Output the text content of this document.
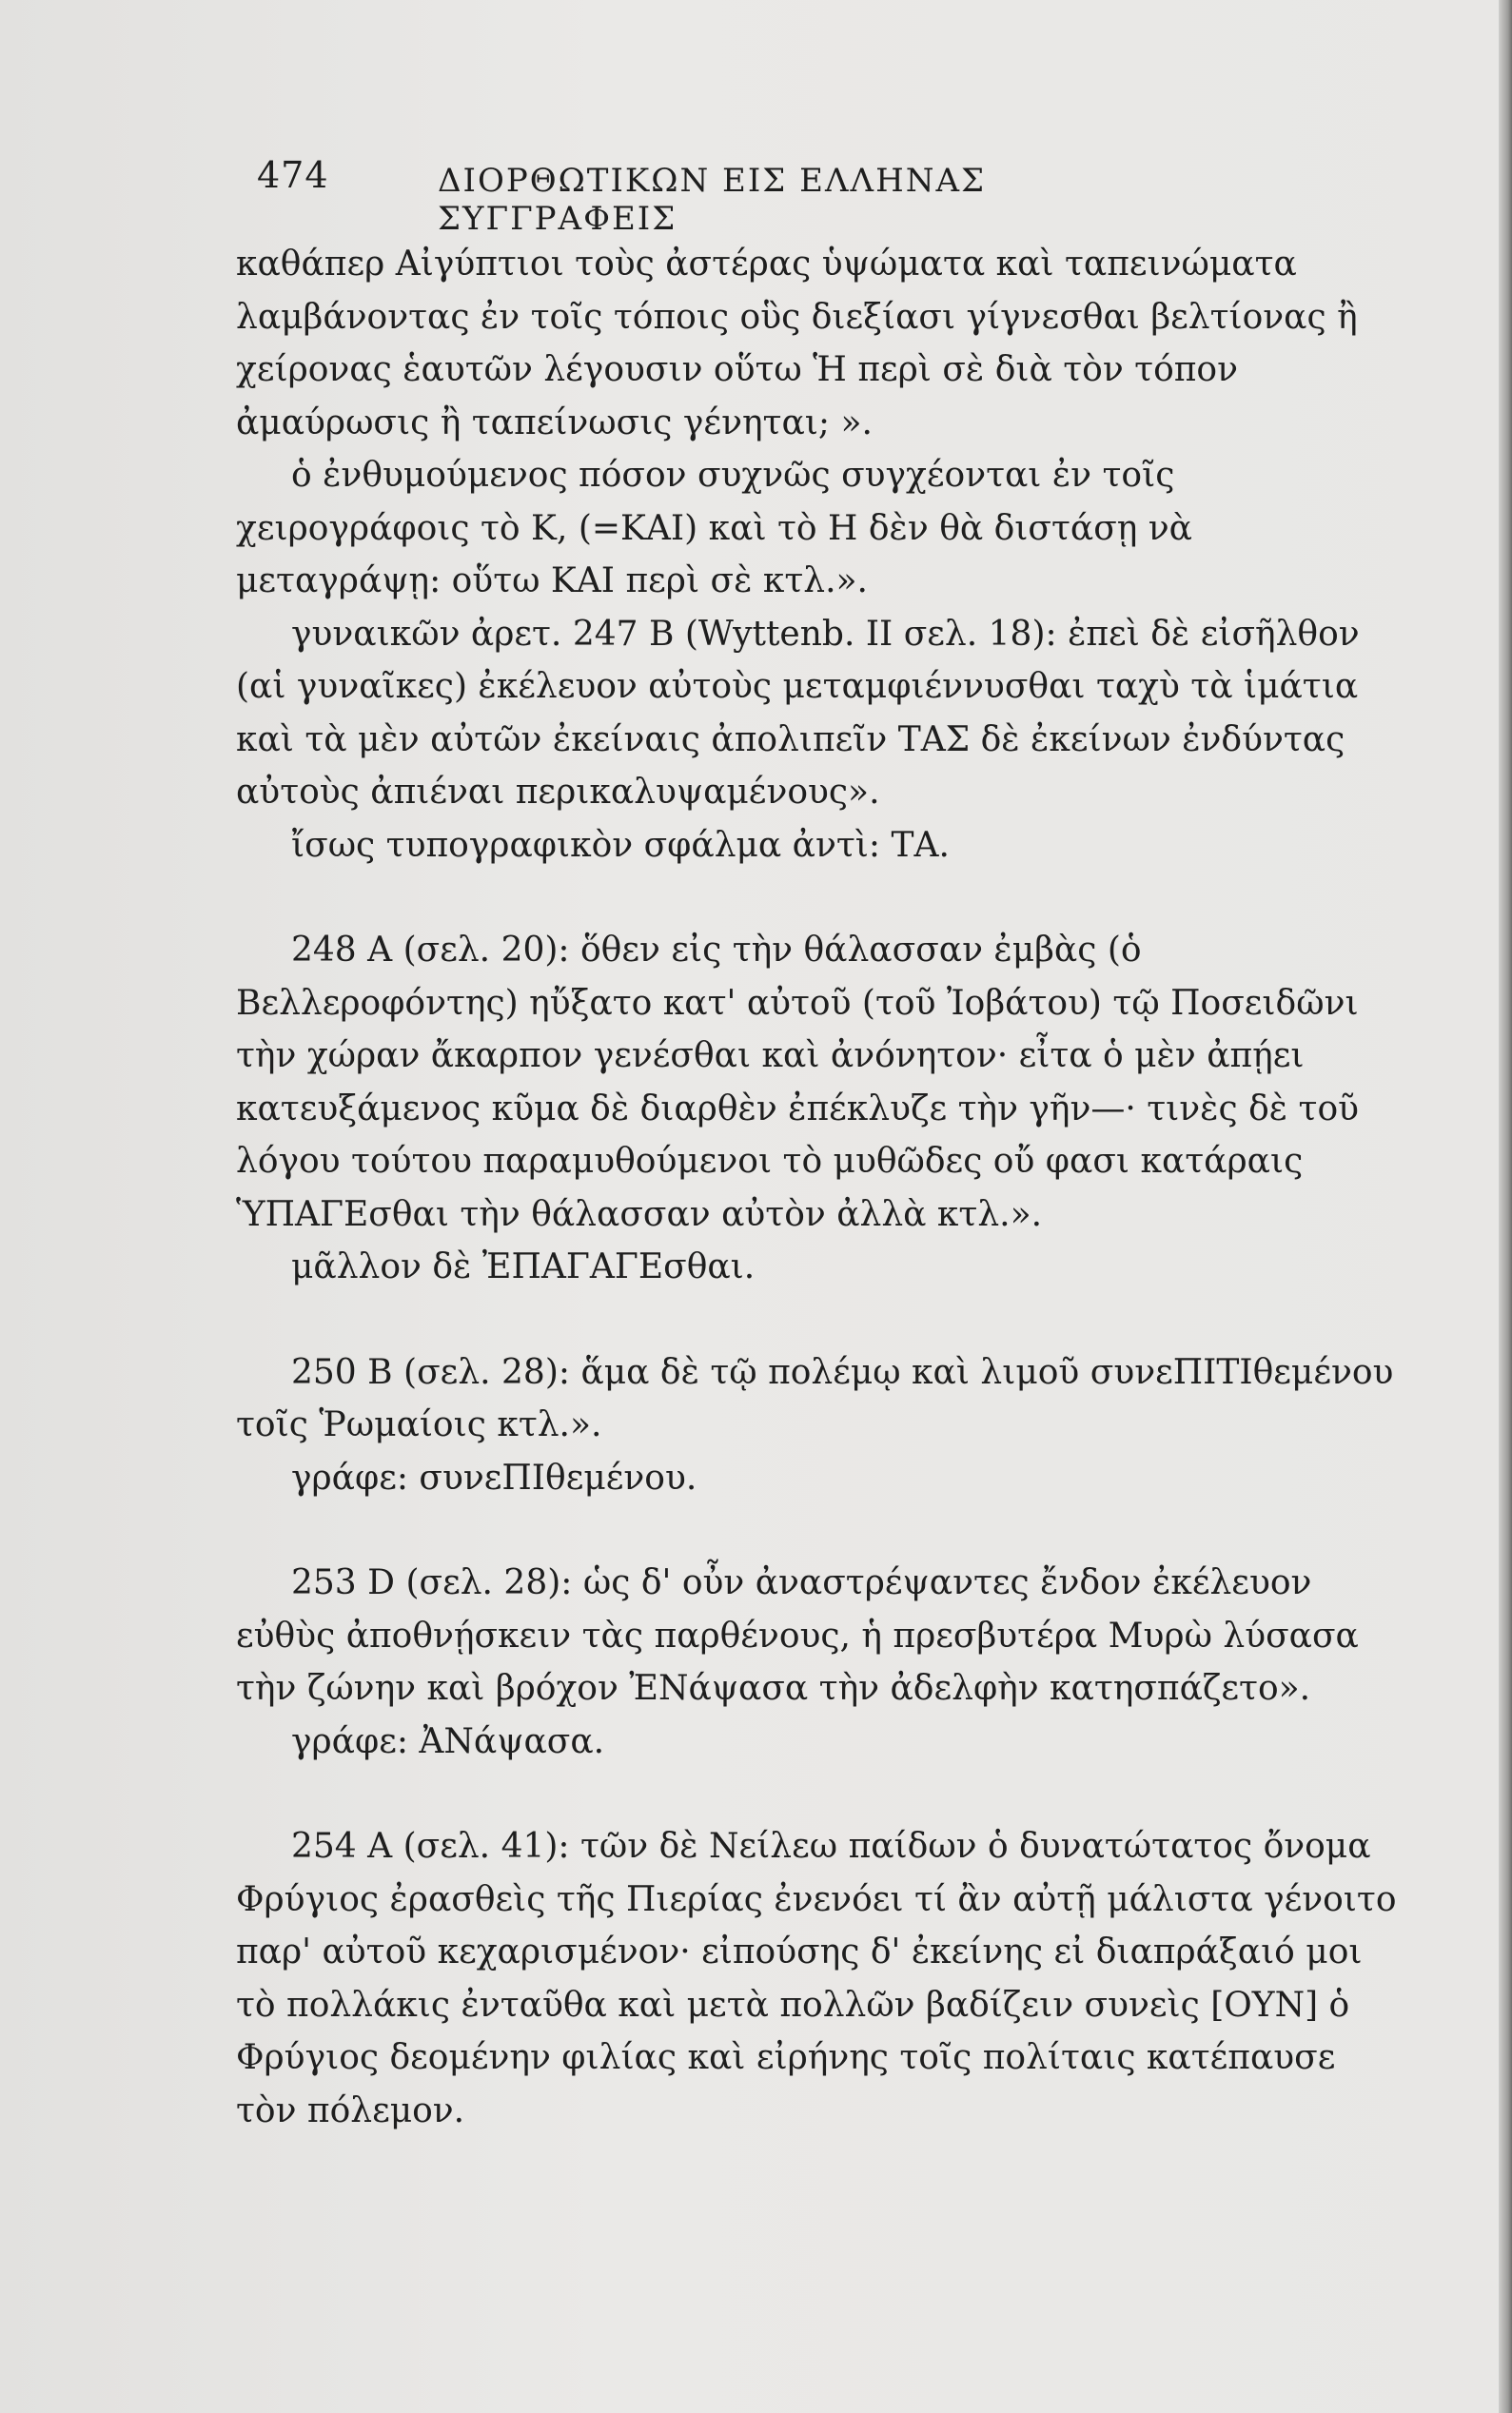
474	ΔΙΟΡΘΩΤΙΚΩΝ ΕΙΣ ΕΛΛΗΝΑΣ ΣΥΓΓΡΑΦΕΙΣ

καθάπερ Αἰγύπτιοι τοὺς ἀστέρας ὑψώματα καὶ ταπεινώματα λαμβάνοντας ἐν τοῖς τόποις οὓς διεξίασι γίγνεσθαι βελτίονας ἢ χείρονας ἑαυτῶν λέγουσιν οὕτω Ἡ περὶ σὲ διὰ τὸν τόπον ἀμαύρωσις ἢ ταπείνωσις γένηται; ».

ὁ ἐνθυμούμενος πόσον συχνῶς συγχέονται ἐν τοῖς χειρογράφοις τὸ Κ, (=ΚΑΙ) καὶ τὸ Η δὲν θὰ διστάσῃ νὰ μεταγράψῃ: οὕτω ΚΑΙ περὶ σὲ κτλ.».

γυναικῶν ἀρετ. 247 Β (Wyttenb. II σελ. 18): ἐπεὶ δὲ εἰσῆλθον (αἱ γυναῖκες) ἐκέλευον αὐτοὺς μεταμφιέννυσθαι ταχὺ τὰ ἱμάτια καὶ τὰ μὲν αὐτῶν ἐκείναις ἀπολιπεῖν ΤΑΣ δὲ ἐκείνων ἐνδύντας αὐτοὺς ἀπιέναι περικαλυψαμένους».

ἴσως τυπογραφικὸν σφάλμα ἀντὶ: ΤΑ.

248 Α (σελ. 20): ὅθεν εἰς τὴν θάλασσαν ἐμβὰς (ὁ Βελλεροφόντης) ηὔξατο κατ' αὐτοῦ (τοῦ Ἰοβάτου) τῷ Ποσειδῶνι τὴν χώραν ἄκαρπον γενέσθαι καὶ ἀνόνητον· εἶτα ὁ μὲν ἀπῄει κατευξάμενος κῦμα δὲ διαρθὲν ἐπέκλυζε τὴν γῆν—· τινὲς δὲ τοῦ λόγου τούτου παραμυθούμενοι τὸ μυθῶδες οὔ φασι κατάραις ὙΠΑΓΕσθαι τὴν θάλασσαν αὐτὸν ἀλλὰ κτλ.».

μᾶλλον δὲ ἘΠΑΓΑΓΕσθαι.

250 Β (σελ. 28): ἅμα δὲ τῷ πολέμῳ καὶ λιμοῦ συνεΠΙΤΙθεμένου τοῖς Ῥωμαίοις κτλ.».

γράφε: συνεΠΙθεμένου.

253 D (σελ. 28): ὡς δ' οὖν ἀναστρέψαντες ἔνδον ἐκέλευον εὐθὺς ἀποθνῄσκειν τὰς παρθένους, ἡ πρεσβυτέρα Μυρὼ λύσασα τὴν ζώνην καὶ βρόχον ἘΝάψασα τὴν ἀδελφὴν κατησπάζετο».

γράφε: ἈΝάψασα.

254 Α (σελ. 41): τῶν δὲ Νείλεω παίδων ὁ δυνατώτατος ὄνομα Φρύγιος ἐρασθεὶς τῆς Πιερίας ἐνενόει τί ἂν αὐτῇ μάλιστα γένοιτο παρ' αὐτοῦ κεχαρισμένον· εἰπούσης δ' ἐκείνης εἰ διαπράξαιό μοι τὸ πολλάκις ἐνταῦθα καὶ μετὰ πολλῶν βαδίζειν συνεὶς [ΟΥΝ] ὁ Φρύγιος δεομένην φιλίας καὶ εἰρήνης τοῖς πολίταις κατέπαυσε τὸν πόλεμον.
